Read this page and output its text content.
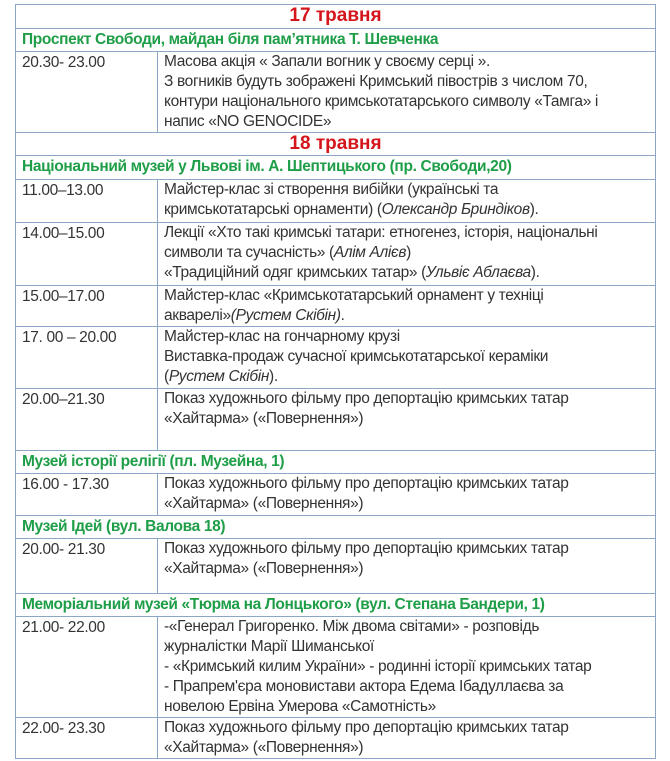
17 травня	
Проспект Свободи, майдан біля пам’ятника Т. Шевченка	
20.30- 23.00	Масова акція « Запали вогник у своєму серці ».
З вогників будуть зображені Кримський півострів з числом 70,
контури національного кримськотатарського символу «Тамга» і
напис «NO GENOCIDE»

18 травня	
Національний музей у Львові ім. А. Шептицького (пр. Свободи,20)	
11.00–13.00	Майстер-клас зі створення вибійки (українські та
кримськотатарські орнаменти) (Олександр Бриндіков).

14.00–15.00	Лекції «Хто такі кримські татари: етногенез, історія, національні
символи та сучасність» (Алім Алієв)
«Традиційний одяг кримських татар» (Ульвіє Аблаєва).

15.00–17.00	Майстер-клас «Кримськотатарський орнамент у техніці
акварелі»(Рустем Скібін).

17. 00 – 20.00	Майстер-клас на гончарному крузі
Виставка-продаж сучасної кримськотатарської кераміки
(Рустем Скібін).

20.00–21.30	Показ художнього фільму про депортацію кримських татар
«Хайтарма» («Повернення»)

Музей історії релігії (пл. Музейна, 1)	
16.00 - 17.30	Показ художнього фільму про депортацію кримських татар
«Хайтарма» («Повернення»)

Музей Ідей (вул. Валова 18)	
20.00- 21.30	Показ художнього фільму про депортацію кримських татар
«Хайтарма» («Повернення»)

Меморіальний музей «Тюрма на Лонцького» (вул. Степана Бандери, 1)	
21.00- 22.00	-«Генерал Григоренко. Між двома світами» - розповідь
журналістки Марії Шиманської
- «Кримський килим України» - родинні історії кримських татар
- Прапрем'єра моновистави актора Едема Ібадуллаєва за
новелою Ервіна Умерова «Самотність»

22.00- 23.30	Показ художнього фільму про депортацію кримських татар
«Хайтарма» («Повернення»)
